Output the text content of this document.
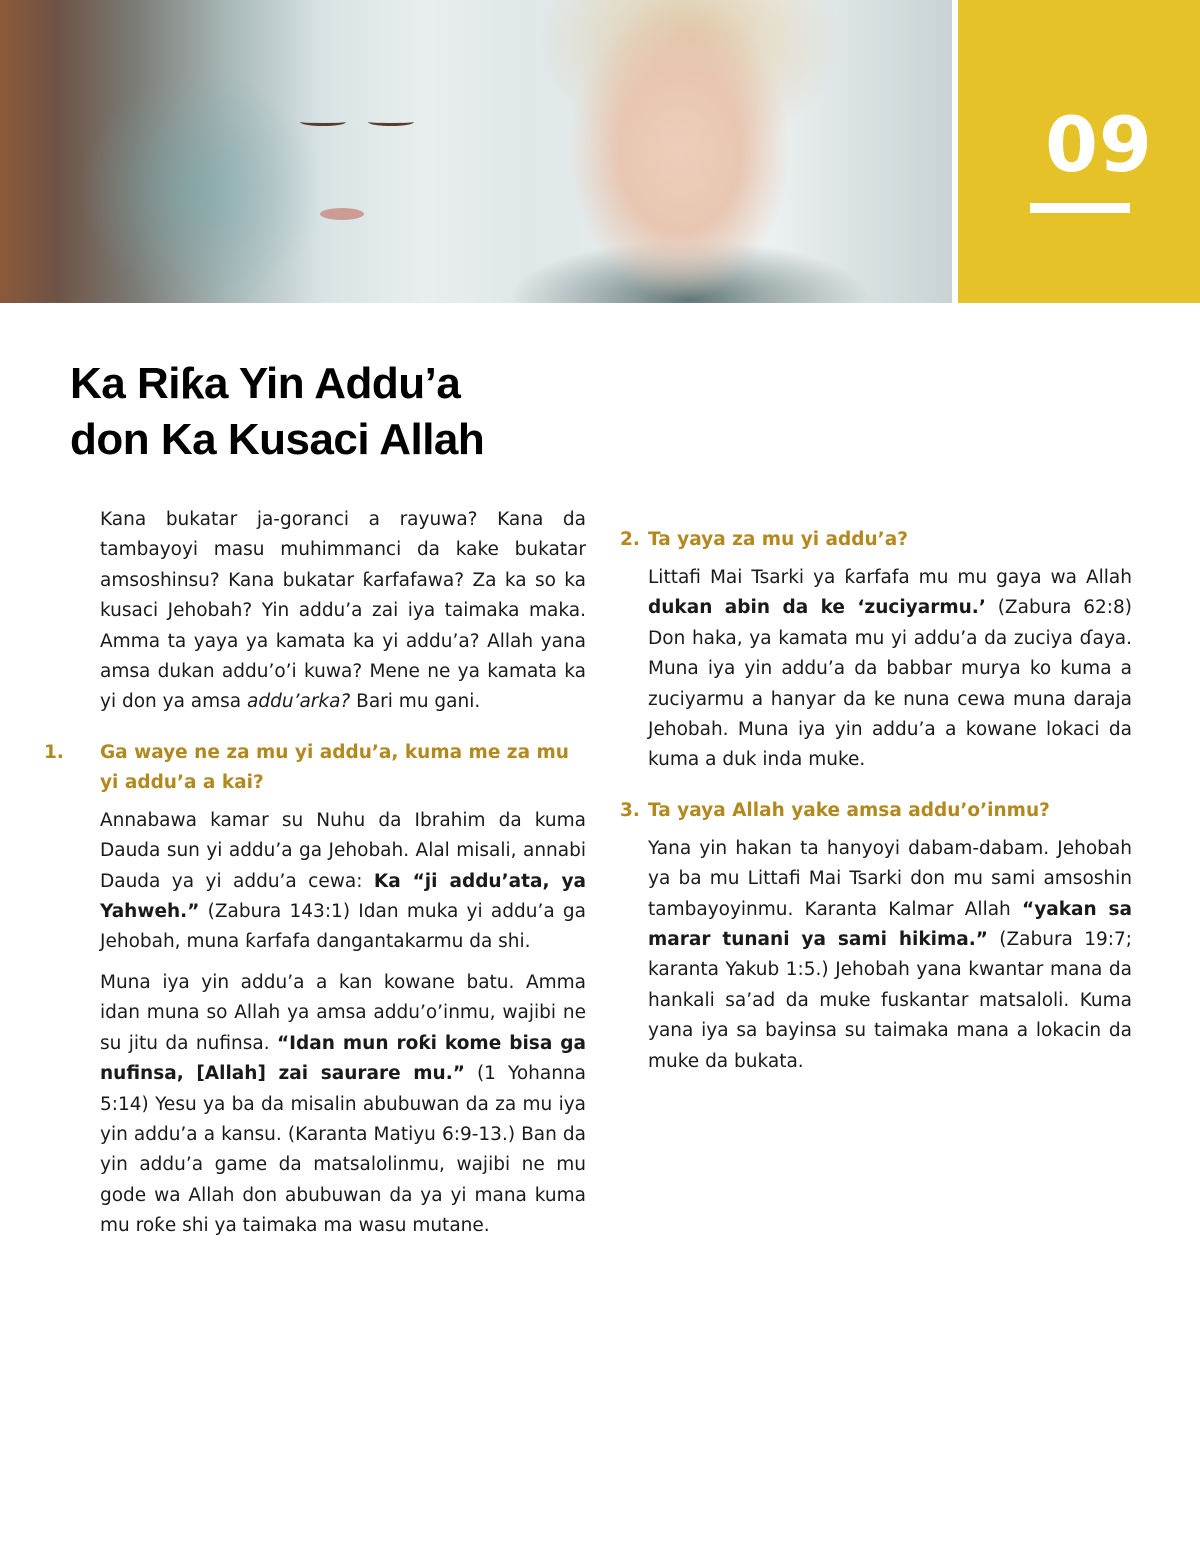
09
Ka Riƙa Yin Addu’a
don Ka Kusaci Allah

Kana bukatar ja-goranci a rayuwa? Kana da tambayoyi masu muhimmanci da kake bukatar amsoshinsu? Kana bukatar ƙarfafawa? Za ka so ka kusaci Jehobah? Yin addu’a zai iya taimaka maka. Amma ta yaya ya kamata ka yi addu’a? Allah yana amsa dukan addu’o’i kuwa? Mene ne ya kamata ka yi don ya amsa addu’arka? Bari mu gani.

1. Ga waye ne za mu yi addu’a, kuma me za mu yi addu’a a kai?

Annabawa kamar su Nuhu da Ibrahim da kuma Dauda sun yi addu’a ga Jehobah. Alal misali, annabi Dauda ya yi addu’a cewa: Ka “ji addu’ata, ya Yahweh.” (Zabura 143:1) Idan muka yi addu’a ga Jehobah, muna ƙarfafa dangantakarmu da shi.

Muna iya yin addu’a a kan kowane batu. Amma idan muna so Allah ya amsa addu’o’inmu, wajibi ne su jitu da nufinsa. “Idan mun roƙi kome bisa ga nufinsa, [Allah] zai saurare mu.” (1 Yohanna 5:14) Yesu ya ba da misalin abubuwan da za mu iya yin addu’a a kansu. (Karanta Matiyu 6:9-13.) Ban da yin addu’a game da matsalolinmu, wajibi ne mu gode wa Allah don abubuwan da ya yi mana kuma mu roƙe shi ya taimaka ma wasu mutane.

2. Ta yaya za mu yi addu’a?

Littafi Mai Tsarki ya ƙarfafa mu mu gaya wa Allah dukan abin da ke ‘zuciyarmu.’ (Zabura 62:8) Don haka, ya kamata mu yi addu’a da zuciya ɗaya. Muna iya yin addu’a da babbar murya ko kuma a zuciyarmu a hanyar da ke nuna cewa muna daraja Jehobah. Muna iya yin addu’a a kowane lokaci da kuma a duk inda muke.

3. Ta yaya Allah yake amsa addu’o’inmu?

Yana yin hakan ta hanyoyi dabam-dabam. Jehobah ya ba mu Littafi Mai Tsarki don mu sami amsoshin tambayoyinmu. Karanta Kalmar Allah “yakan sa marar tunani ya sami hikima.” (Zabura 19:7; karanta Yakub 1:5.) Jehobah yana kwantar mana da hankali sa’ad da muke fuskantar matsaloli. Kuma yana iya sa bayinsa su taimaka mana a lokacin da muke da bukata.
